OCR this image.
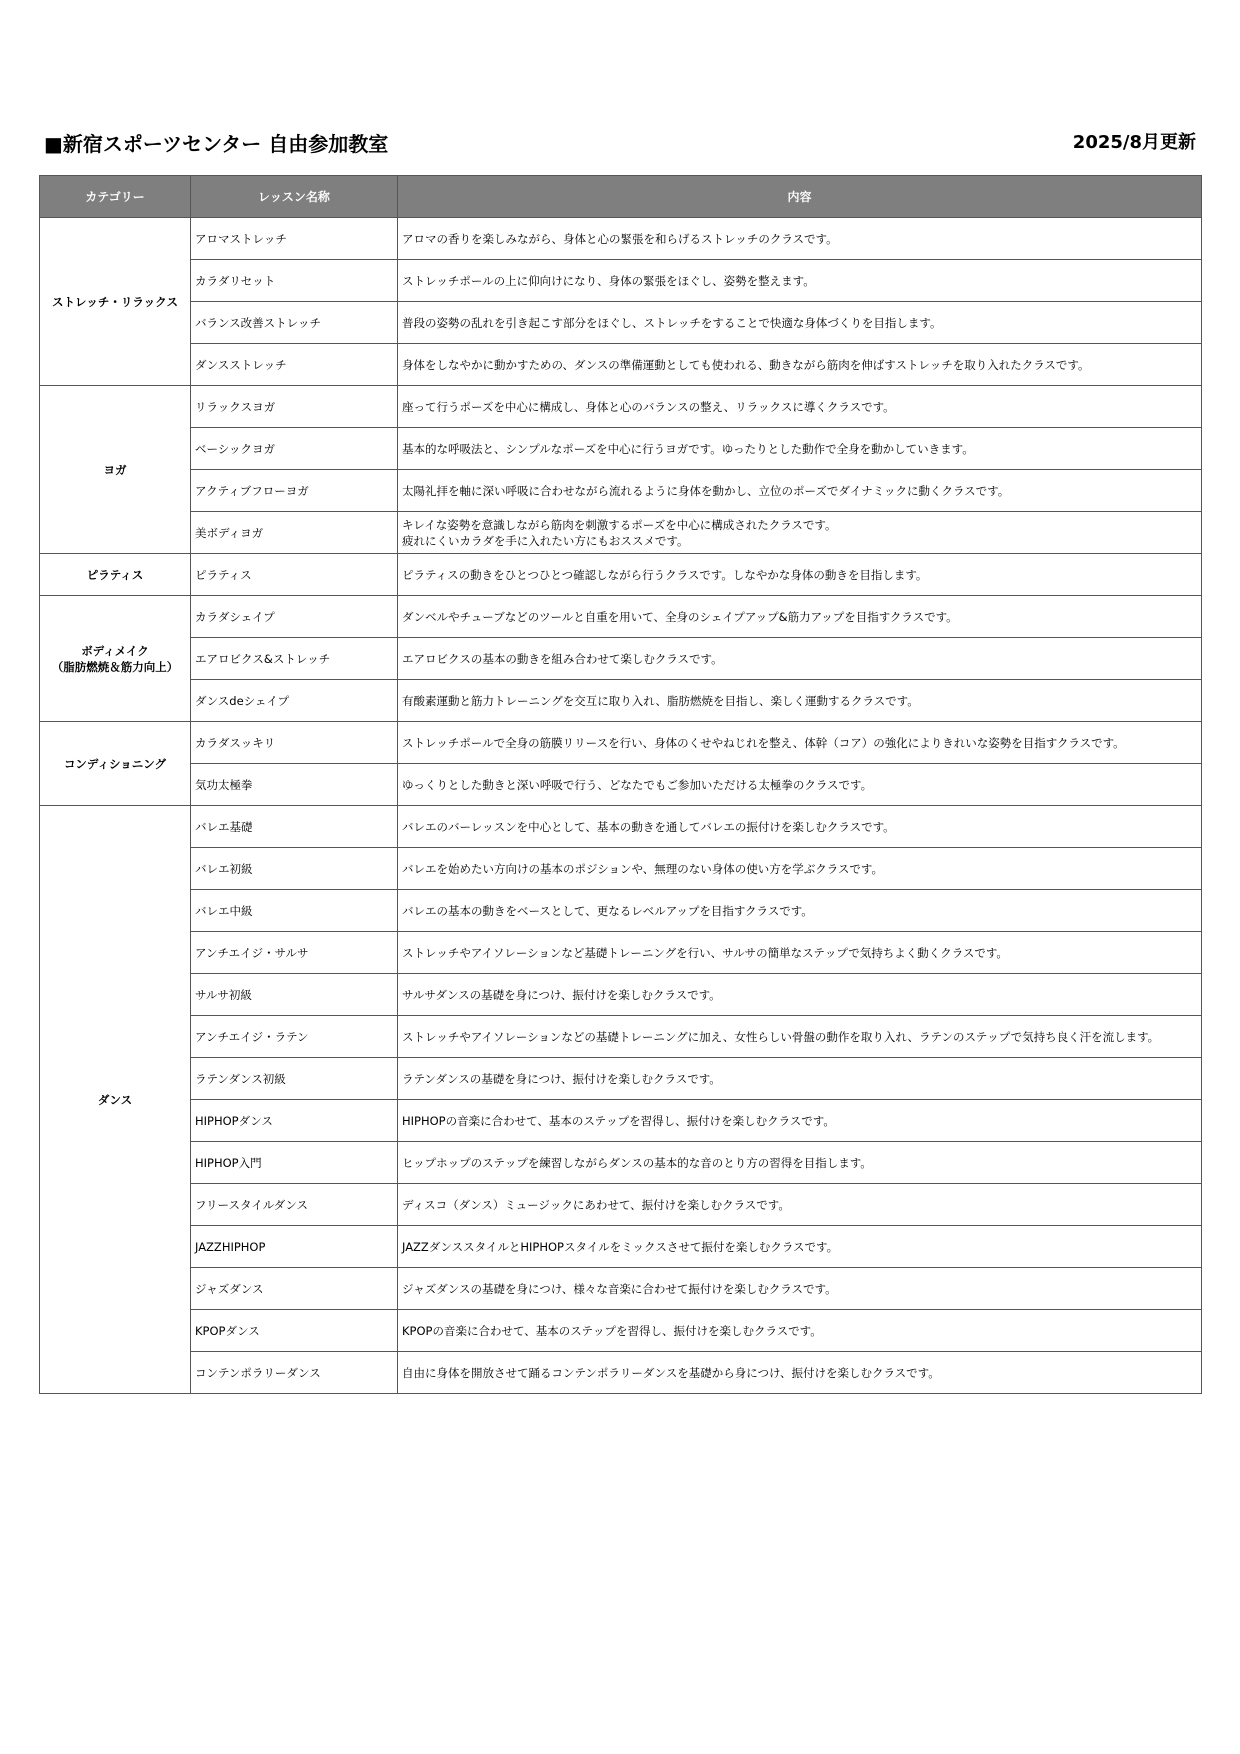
■新宿スポーツセンター 自由参加教室	2025/8月更新
カテゴリー	レッスン名称	内容
ストレッチ・リラックス	アロマストレッチ	アロマの香りを楽しみながら、身体と心の緊張を和らげるストレッチのクラスです。
	カラダリセット	ストレッチポールの上に仰向けになり、身体の緊張をほぐし、姿勢を整えます。
	バランス改善ストレッチ	普段の姿勢の乱れを引き起こす部分をほぐし、ストレッチをすることで快適な身体づくりを目指します。
	ダンスストレッチ	身体をしなやかに動かすための、ダンスの準備運動としても使われる、動きながら筋肉を伸ばすストレッチを取り入れたクラスです。
ヨガ	リラックスヨガ	座って行うポーズを中心に構成し、身体と心のバランスの整え、リラックスに導くクラスです。
	ベーシックヨガ	基本的な呼吸法と、シンプルなポーズを中心に行うヨガです。ゆったりとした動作で全身を動かしていきます。
	アクティブフローヨガ	太陽礼拝を軸に深い呼吸に合わせながら流れるように身体を動かし、立位のポーズでダイナミックに動くクラスです。
	美ボディヨガ	キレイな姿勢を意識しながら筋肉を刺激するポーズを中心に構成されたクラスです。
疲れにくいカラダを手に入れたい方にもおススメです。
ピラティス	ピラティス	ピラティスの動きをひとつひとつ確認しながら行うクラスです。しなやかな身体の動きを目指します。
ボディメイク
（脂肪燃焼＆筋力向上）	カラダシェイプ	ダンベルやチューブなどのツールと自重を用いて、全身のシェイプアップ&筋力アップを目指すクラスです。
	エアロビクス&ストレッチ	エアロビクスの基本の動きを組み合わせて楽しむクラスです。
	ダンスdeシェイプ	有酸素運動と筋力トレーニングを交互に取り入れ、脂肪燃焼を目指し、楽しく運動するクラスです。
コンディショニング	カラダスッキリ	ストレッチポールで全身の筋膜リリースを行い、身体のくせやねじれを整え、体幹（コア）の強化によりきれいな姿勢を目指すクラスです。
	気功太極拳	ゆっくりとした動きと深い呼吸で行う、どなたでもご参加いただける太極拳のクラスです。
ダンス	バレエ基礎	バレエのバーレッスンを中心として、基本の動きを通してバレエの振付けを楽しむクラスです。
	バレエ初級	バレエを始めたい方向けの基本のポジションや、無理のない身体の使い方を学ぶクラスです。
	バレエ中級	バレエの基本の動きをベースとして、更なるレベルアップを目指すクラスです。
	アンチエイジ・サルサ	ストレッチやアイソレーションなど基礎トレーニングを行い、サルサの簡単なステップで気持ちよく動くクラスです。
	サルサ初級	サルサダンスの基礎を身につけ、振付けを楽しむクラスです。
	アンチエイジ・ラテン	ストレッチやアイソレーションなどの基礎トレーニングに加え、女性らしい骨盤の動作を取り入れ、ラテンのステップで気持ち良く汗を流します。
	ラテンダンス初級	ラテンダンスの基礎を身につけ、振付けを楽しむクラスです。
	HIPHOPダンス	HIPHOPの音楽に合わせて、基本のステップを習得し、振付けを楽しむクラスです。
	HIPHOP入門	ヒップホップのステップを練習しながらダンスの基本的な音のとり方の習得を目指します。
	フリースタイルダンス	ディスコ（ダンス）ミュージックにあわせて、振付けを楽しむクラスです。
	JAZZHIPHOP	JAZZダンススタイルとHIPHOPスタイルをミックスさせて振付を楽しむクラスです。
	ジャズダンス	ジャズダンスの基礎を身につけ、様々な音楽に合わせて振付けを楽しむクラスです。
	KPOPダンス	KPOPの音楽に合わせて、基本のステップを習得し、振付けを楽しむクラスです。
	コンテンポラリーダンス	自由に身体を開放させて踊るコンテンポラリーダンスを基礎から身につけ、振付けを楽しむクラスです。
